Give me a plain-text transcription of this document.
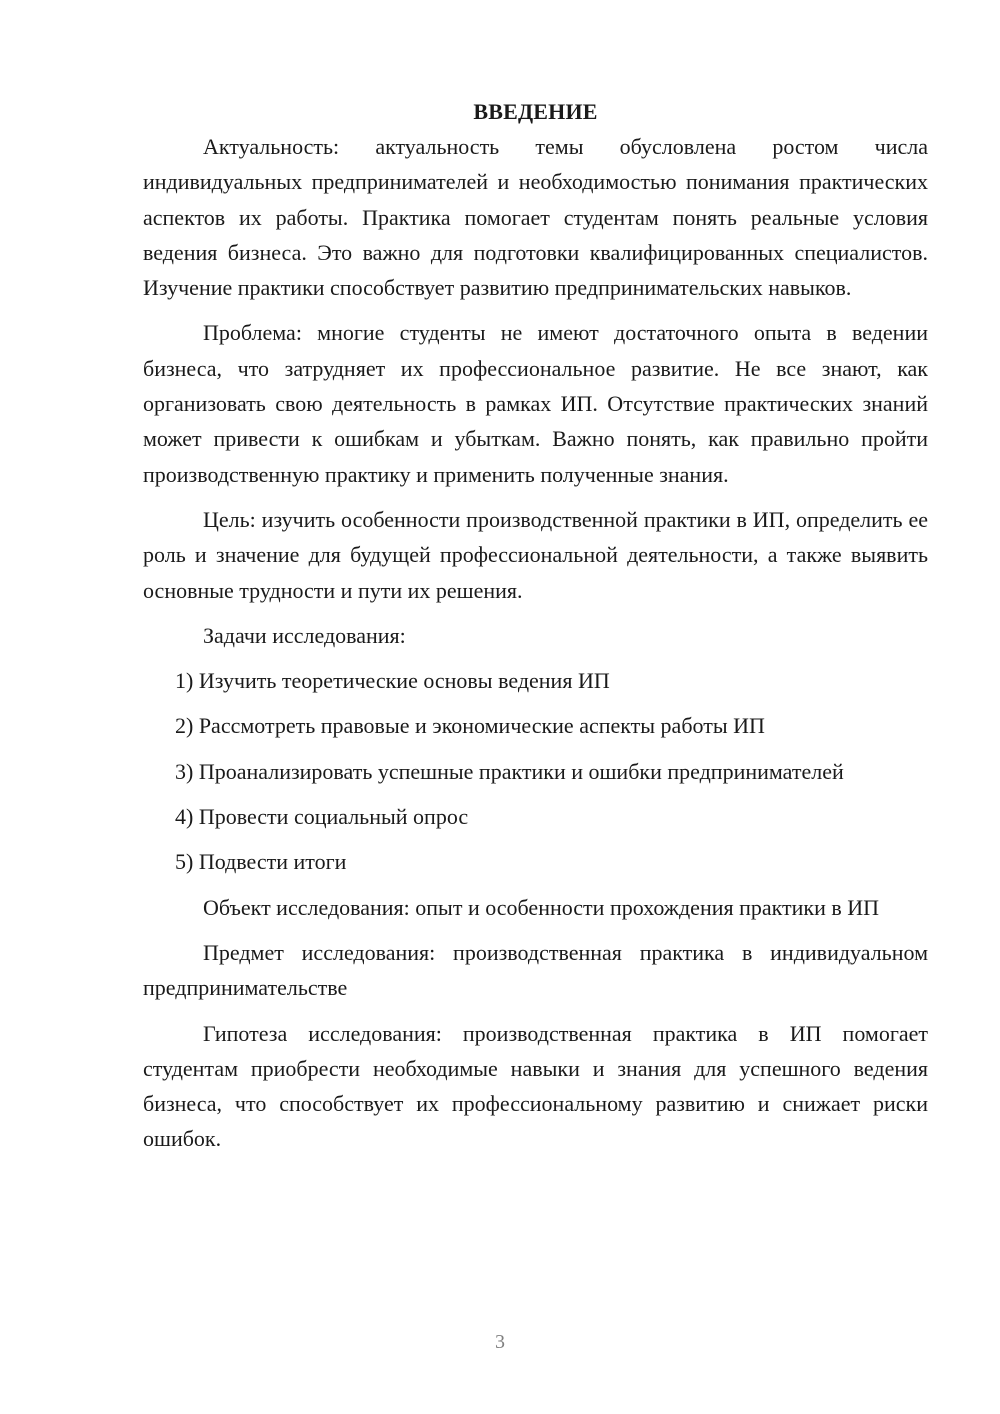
ВВЕДЕНИЕ

Актуальность: актуальность темы обусловлена ростом числа индивидуальных предпринимателей и необходимостью понимания практических аспектов их работы. Практика помогает студентам понять реальные условия ведения бизнеса. Это важно для подготовки квалифицированных специалистов. Изучение практики способствует развитию предпринимательских навыков.

Проблема: многие студенты не имеют достаточного опыта в ведении бизнеса, что затрудняет их профессиональное развитие. Не все знают, как организовать свою деятельность в рамках ИП. Отсутствие практических знаний может привести к ошибкам и убыткам. Важно понять, как правильно пройти производственную практику и применить полученные знания.

Цель: изучить особенности производственной практики в ИП, определить ее роль и значение для будущей профессиональной деятельности, а также выявить основные трудности и пути их решения.

Задачи исследования:

1) Изучить теоретические основы ведения ИП

2) Рассмотреть правовые и экономические аспекты работы ИП

3) Проанализировать успешные практики и ошибки предпринимателей

4) Провести социальный опрос

5) Подвести итоги

Объект исследования: опыт и особенности прохождения практики в ИП

Предмет исследования: производственная практика в индивидуальном предпринимательстве

Гипотеза исследования: производственная практика в ИП помогает студентам приобрести необходимые навыки и знания для успешного ведения бизнеса, что способствует их профессиональному развитию и снижает риски ошибок.

3
